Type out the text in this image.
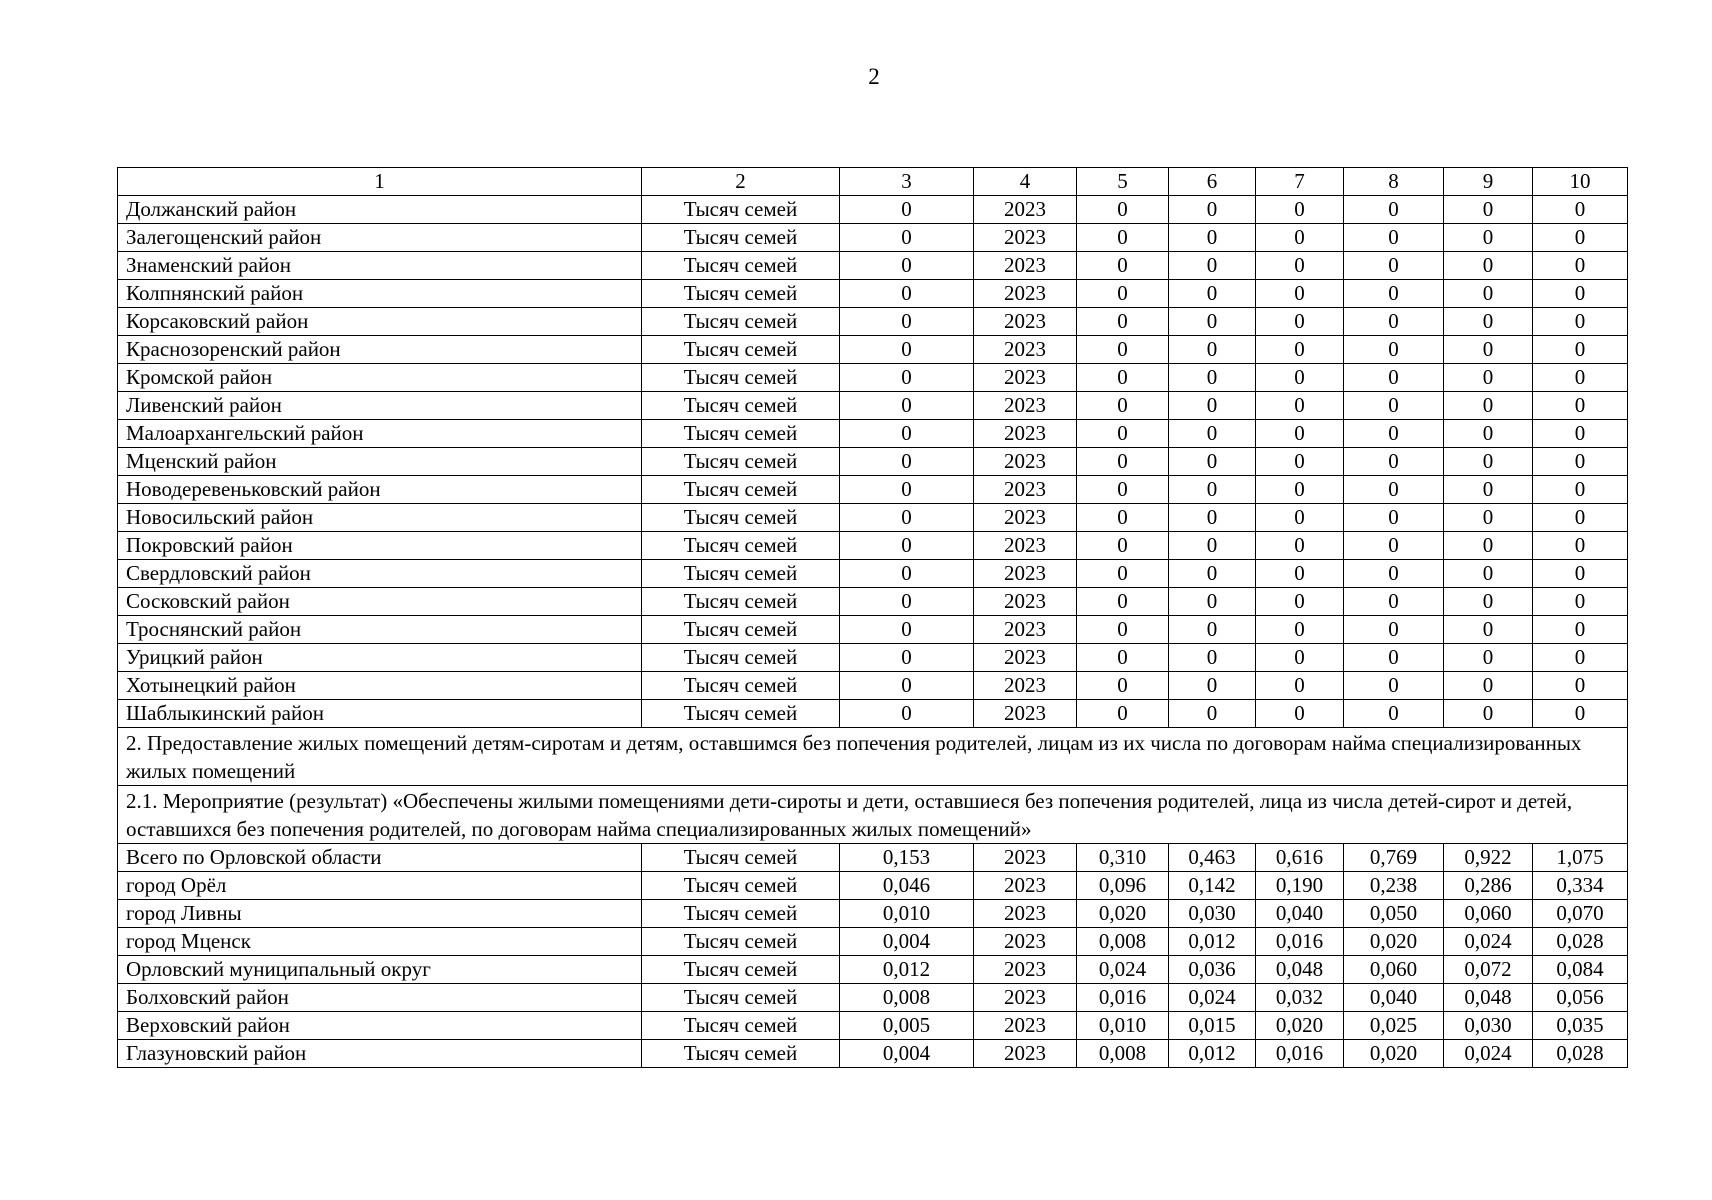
2
1	2	3	4	5	6	7	8	9	10
Должанский район	Тысяч семей	0	2023	0	0	0	0	0	0
Залегощенский район	Тысяч семей	0	2023	0	0	0	0	0	0
Знаменский район	Тысяч семей	0	2023	0	0	0	0	0	0
Колпнянский район	Тысяч семей	0	2023	0	0	0	0	0	0
Корсаковский район	Тысяч семей	0	2023	0	0	0	0	0	0
Краснозоренский район	Тысяч семей	0	2023	0	0	0	0	0	0
Кромской район	Тысяч семей	0	2023	0	0	0	0	0	0
Ливенский район	Тысяч семей	0	2023	0	0	0	0	0	0
Малоархангельский район	Тысяч семей	0	2023	0	0	0	0	0	0
Мценский район	Тысяч семей	0	2023	0	0	0	0	0	0
Новодеревеньковский район	Тысяч семей	0	2023	0	0	0	0	0	0
Новосильский район	Тысяч семей	0	2023	0	0	0	0	0	0
Покровский район	Тысяч семей	0	2023	0	0	0	0	0	0
Свердловский район	Тысяч семей	0	2023	0	0	0	0	0	0
Сосковский район	Тысяч семей	0	2023	0	0	0	0	0	0
Троснянский район	Тысяч семей	0	2023	0	0	0	0	0	0
Урицкий район	Тысяч семей	0	2023	0	0	0	0	0	0
Хотынецкий район	Тысяч семей	0	2023	0	0	0	0	0	0
Шаблыкинский район	Тысяч семей	0	2023	0	0	0	0	0	0
2. Предоставление жилых помещений детям-сиротам и детям, оставшимся без попечения родителей, лицам из их числа по договорам найма специализированных жилых помещений									
2.1. Мероприятие (результат) «Обеспечены жилыми помещениями дети-сироты и дети, оставшиеся без попечения родителей, лица из числа детей-сирот и детей, оставшихся без попечения родителей, по договорам найма специализированных жилых помещений»									
Всего по Орловской области	Тысяч семей	0,153	2023	0,310	0,463	0,616	0,769	0,922	1,075
город Орёл	Тысяч семей	0,046	2023	0,096	0,142	0,190	0,238	0,286	0,334
город Ливны	Тысяч семей	0,010	2023	0,020	0,030	0,040	0,050	0,060	0,070
город Мценск	Тысяч семей	0,004	2023	0,008	0,012	0,016	0,020	0,024	0,028
Орловский муниципальный округ	Тысяч семей	0,012	2023	0,024	0,036	0,048	0,060	0,072	0,084
Болховский район	Тысяч семей	0,008	2023	0,016	0,024	0,032	0,040	0,048	0,056
Верховский район	Тысяч семей	0,005	2023	0,010	0,015	0,020	0,025	0,030	0,035
Глазуновский район	Тысяч семей	0,004	2023	0,008	0,012	0,016	0,020	0,024	0,028
